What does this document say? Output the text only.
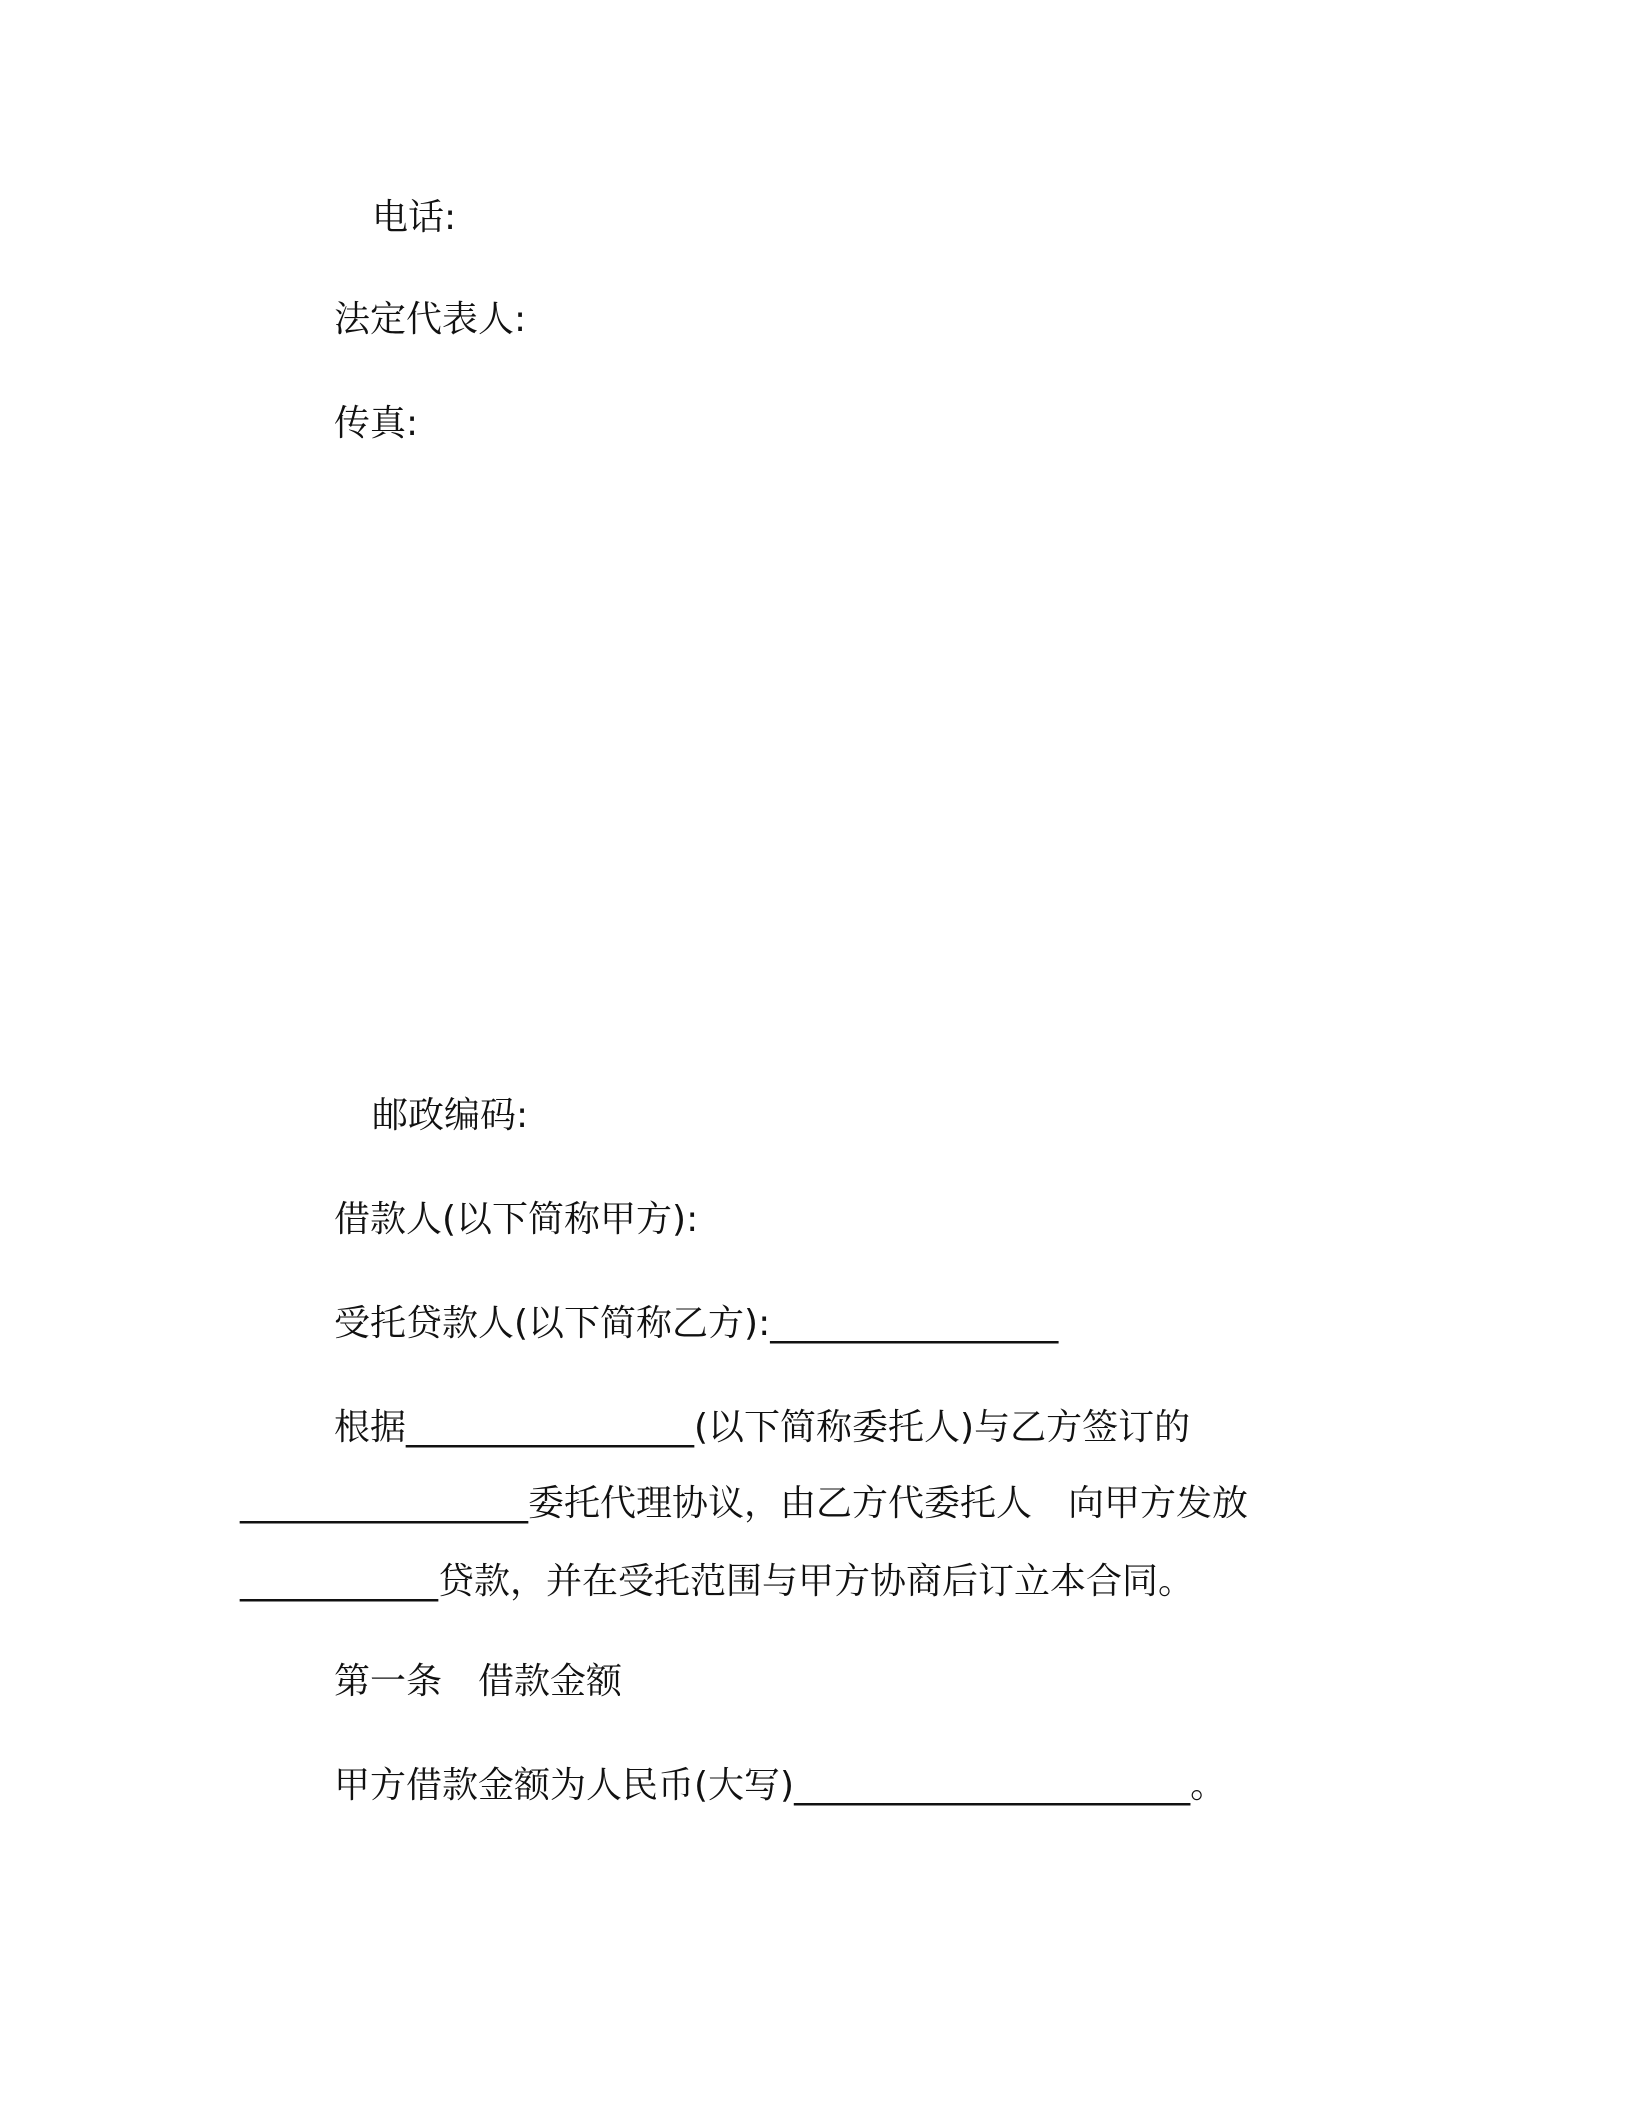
电话:
法定代表人:
传真:
邮政编码:
借款人(以下简称甲方):
受托贷款人(以下简称乙方):________________
根据________________(以下简称委托人)与乙方签订的
________________委托代理协议，由乙方代委托人　向甲方发放
___________贷款，并在受托范围与甲方协商后订立本合同。
第一条　借款金额
甲方借款金额为人民币(大写)______________________。
